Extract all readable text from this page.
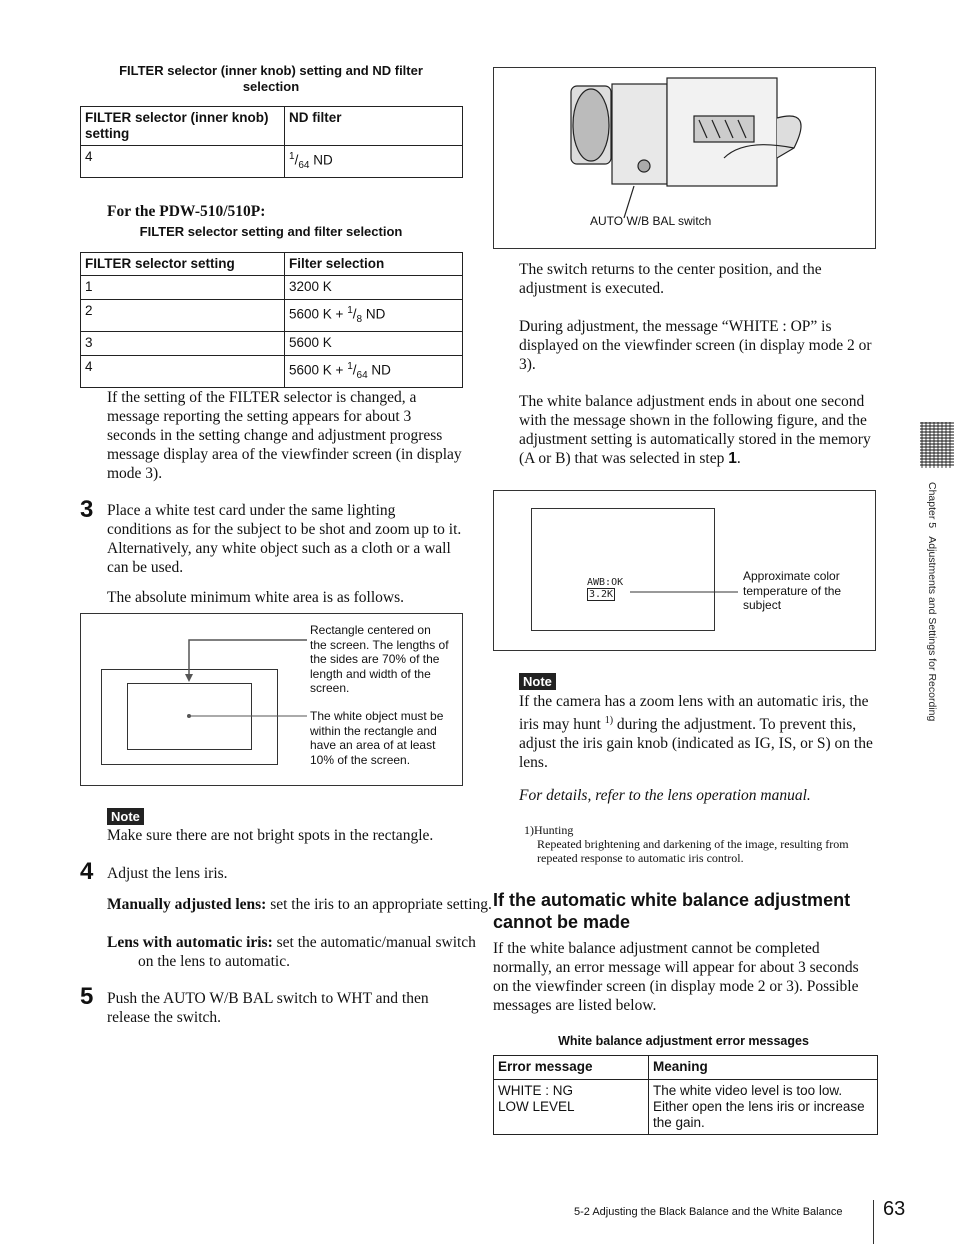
FILTER selector (inner knob) setting and ND filter selection
FILTER selector (inner knob) setting	ND filter
4	$^1/_{64}$ ND
For the PDW-510/510P:
FILTER selector setting and filter selection
FILTER selector setting	Filter selection
1	3200 K
2	5600 $K + ^1/_8$ ND
3	5600 K
4	5600 $K + ^1/_{64}$ ND
If the setting of the FILTER selector is changed, a message reporting the setting appears for about 3 seconds in the setting change and adjustment progress message display area of the viewfinder screen (in display mode 3).
3 Place a white test card under the same lighting conditions as for the subject to be shot and zoom up to it. Alternatively, any white object such as a cloth or a wall can be used.
The absolute minimum white area is as follows.
Rectangle centered on the screen. The lengths of the sides are 70% of the length and width of the screen.
The white object must be within the rectangle and have an area of at least 10% of the screen.
Note
Make sure there are not bright spots in the rectangle.
4 Adjust the lens iris.
Manually adjusted lens: set the iris to an appropriate setting.
Lens with automatic iris: set the automatic/manual switch on the lens to automatic.
5 Push the AUTO W/B BAL switch to WHT and then release the switch.
AUTO W/B BAL switch
The switch returns to the center position, and the adjustment is executed.
During adjustment, the message “WHITE : OP” is displayed on the viewfinder screen (in display mode 2 or 3).
The white balance adjustment ends in about one second with the message shown in the following figure, and the adjustment setting is automatically stored in the memory (A or B) that was selected in step 1.
AWB:OK
3.2K
Approximate color temperature of the subject
Note
If the camera has a zoom lens with an automatic iris, the iris may hunt $^{1)}$ during the adjustment. To prevent this, adjust the iris gain knob (indicated as IG, IS, or S) on the lens.
For details, refer to the lens operation manual.
1)Hunting
Repeated brightening and darkening of the image, resulting from repeated response to automatic iris control.
If the automatic white balance adjustment cannot be made
If the white balance adjustment cannot be completed normally, an error message will appear for about 3 seconds on the viewfinder screen (in display mode 2 or 3). Possible messages are listed below.
White balance adjustment error messages
Error message	Meaning

WHITE : NG
LOW LEVEL	The white video level is too low. Either open the lens iris or increase the gain.
Chapter 5   Adjustments and Settings for Recording
5-2 Adjusting the Black Balance and the White Balance 63
